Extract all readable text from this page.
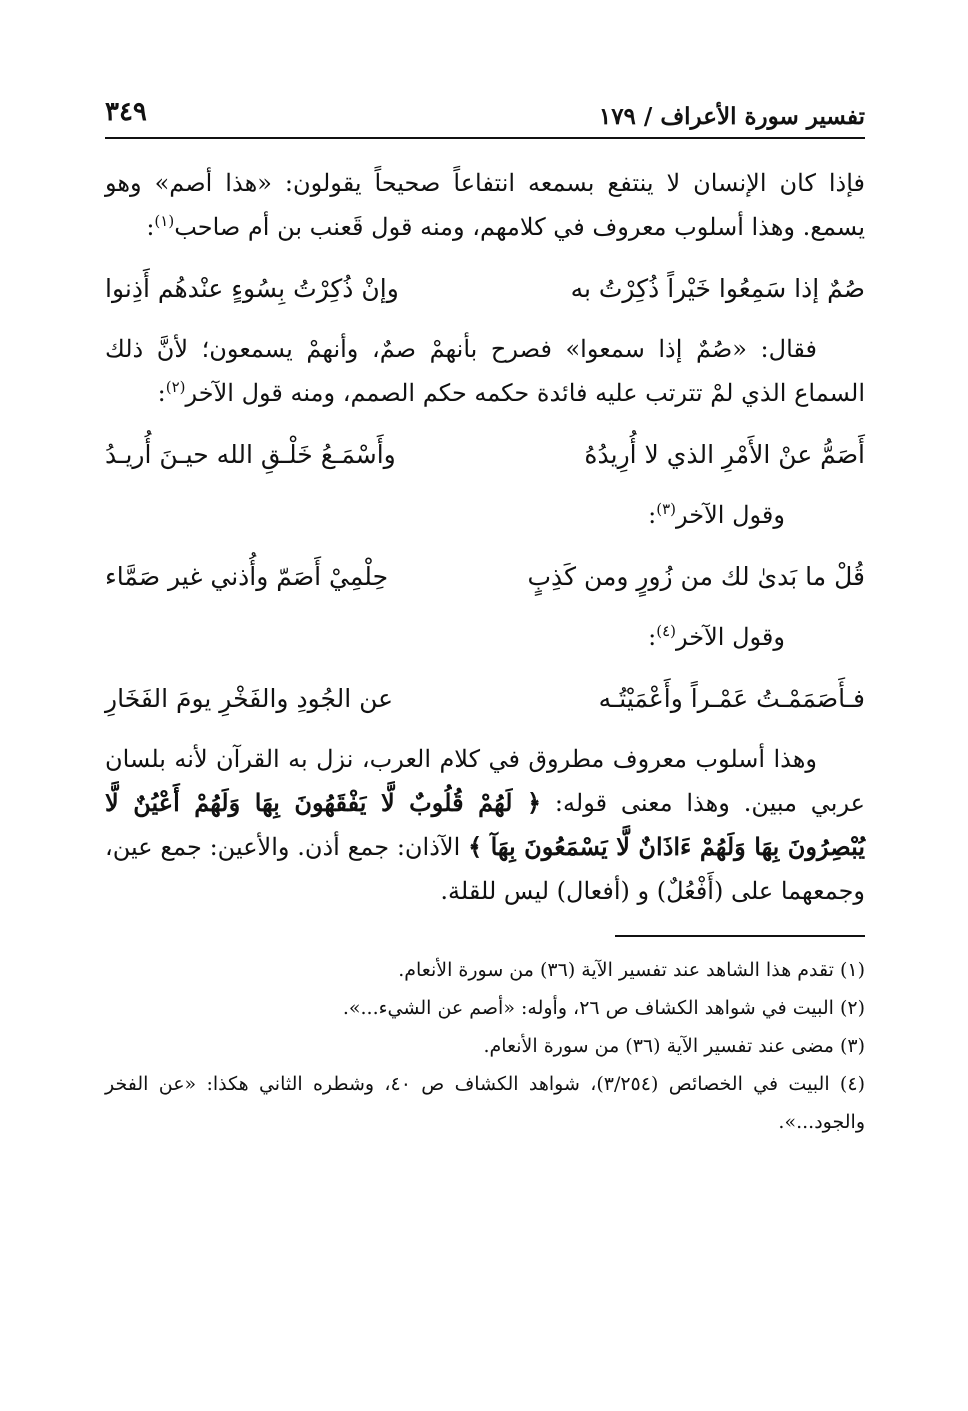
تفسير سورة الأعراف / ١٧٩
٣٤٩

فإذا كان الإنسان لا ينتفع بسمعه انتفاعاً صحيحاً يقولون: «هذا أصم» وهو يسمع. وهذا أسلوب معروف في كلامهم، ومنه قول قَعنب بن أم صاحب$^{(١)}$:

صُمٌ إذا سَمِعُوا خَيْراً ذُكِرْتُ به
وإنْ ذُكِرْتُ بِسُوءٍ عنْدهُم أَذِنوا

فقال: «صُمٌ إذا سمعوا» فصرح بأنهمْ صمٌ، وأنهمْ يسمعون؛ لأنَّ ذلك السماع الذي لمْ تترتب عليه فائدة حكمه حكم الصمم، ومنه قول الآخر$^{(٢)}$:

أَصَمُّ عنْ الأَمْرِ الذي لا أُرِيدُهُ
وأَسْمَـعُ خَلْـقِ الله حيـنَ أُريـدُ

وقول الآخر$^{(٣)}$:

قُلْ ما بَدىٰ لك من زُورٍ ومن كَذِبٍ
حِلْمِيْ أَصَمّ وأُذني غير صَمَّاء

وقول الآخر$^{(٤)}$:

فـأَصَمَمْـتُ عَمْـراً وأَعْمَيْتُـه
عن الجُودِ والفَخْرِ يومَ الفَخَارِ

وهذا أسلوب معروف مطروق في كلام العرب، نزل به القرآن لأنه بلسان عربي مبين. وهذا معنى قوله: ﴿ لَهُمْ قُلُوبٌ لَّا يَفْقَهُونَ بِهَا وَلَهُمْ أَعْيُنٌ لَّا يُبْصِرُونَ بِهَا وَلَهُمْ ءَاذَانٌ لَّا يَسْمَعُونَ بِهَآ ﴾ الآذان: جمع أذن. والأعين: جمع عين، وجمعهما على (أَفْعُلٌ) و (أفعال) ليس للقلة.

(١) تقدم هذا الشاهد عند تفسير الآية (٣٦) من سورة الأنعام.

(٢) البيت في شواهد الكشاف ص ٢٦، وأوله: «أصم عن الشيء...».

(٣) مضى عند تفسير الآية (٣٦) من سورة الأنعام.

(٤) البيت في الخصائص (٣/٢٥٤)، شواهد الكشاف ص ٤٠، وشطره الثاني هكذا: «عن الفخر والجود...».
